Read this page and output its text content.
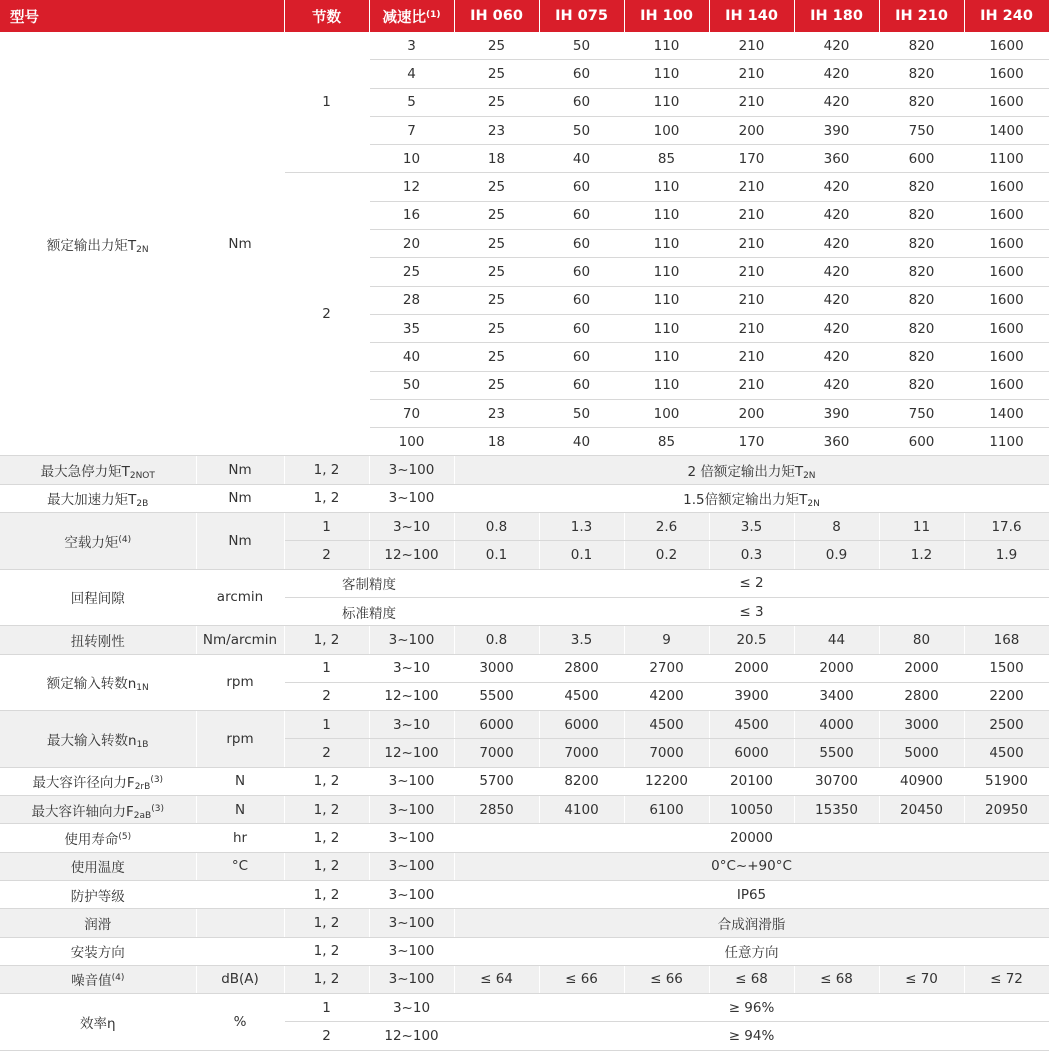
型号		节数	减速比$^{(1)}$	IH 060	IH 075	IH 100	IH 140	IH 180	IH 210	IH 240
额定输出力矩$T_{2N}$	Nm	1	3	25	50	110	210	420	820	1600
			4	25	60	110	210	420	820	1600
			5	25	60	110	210	420	820	1600
			7	23	50	100	200	390	750	1400
			10	18	40	85	170	360	600	1100
		2	12	25	60	110	210	420	820	1600
			16	25	60	110	210	420	820	1600
			20	25	60	110	210	420	820	1600
			25	25	60	110	210	420	820	1600
			28	25	60	110	210	420	820	1600
			35	25	60	110	210	420	820	1600
			40	25	60	110	210	420	820	1600
			50	25	60	110	210	420	820	1600
			70	23	50	100	200	390	750	1400
			100	18	40	85	170	360	600	1100
最大急停力矩$T_{2NOT}$	Nm	1, 2	3~100	2 倍额定输出力矩$T_{2N}$
最大加速力矩$T_{2B}$	Nm	1, 2	3~100	1.5倍额定输出力矩$T_{2N}$
空载力矩$^{(4)}$	Nm	1	3~10	0.8	1.3	2.6	3.5	8	11	17.6
		2	12~100	0.1	0.1	0.2	0.3	0.9	1.2	1.9
回程间隙	arcmin	客制精度		≤ 2						
		标准精度		≤ 3						
扭转刚性	Nm/arcmin	1, 2	3~100	0.8	3.5	9	20.5	44	80	168
额定输入转数$n_{1N}$	rpm	1	3~10	3000	2800	2700	2000	2000	2000	1500
		2	12~100	5500	4500	4200	3900	3400	2800	2200
最大输入转数$n_{1B}$	rpm	1	3~10	6000	6000	4500	4500	4000	3000	2500
		2	12~100	7000	7000	7000	6000	5500	5000	4500
最大容许径向力$F_{2rB}^{(3)}$	N	1, 2	3~100	5700	8200	12200	20100	30700	40900	51900
最大容许轴向力$F_{2aB}^{(3)}$	N	1, 2	3~100	2850	4100	6100	10050	15350	20450	20950
使用寿命$^{(5)}$	hr	1, 2	3~100	20000						
使用温度	°C	1, 2	3~100	0°C~+90°C						
防护等级		1, 2	3~100	IP65						
润滑		1, 2	3~100	合成润滑脂						
安装方向		1, 2	3~100	任意方向						
噪音值$^{(4)}$	dB(A)	1, 2	3~100	≤ 64	≤ 66	≤ 66	≤ 68	≤ 68	≤ 70	≤ 72
效率η	%	1	3~10	≥ 96%						
		2	12~100	≥ 94%						
